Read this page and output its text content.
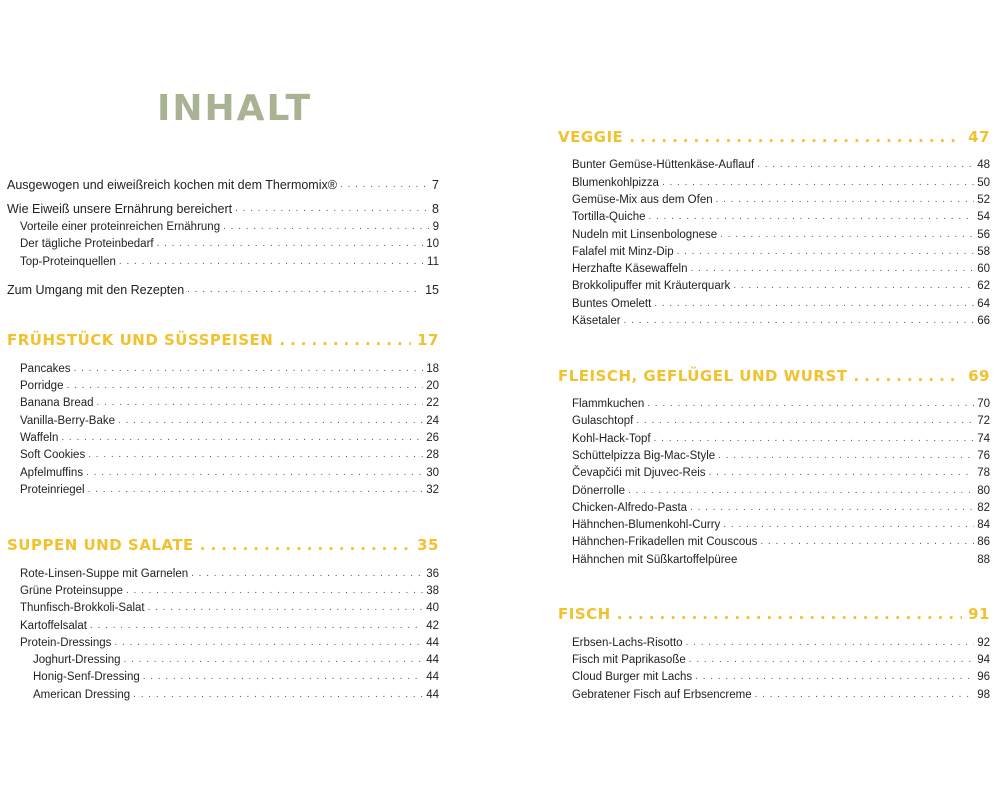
INHALT
Ausgewogen und eiweißreich kochen mit dem Thermomix® . . .	7
Wie Eiweiß unsere Ernährung bereichert . . .	8
Vorteile einer proteinreichen Ernährung . . .	9
Der tägliche Proteinbedarf . . .	10
Top-Proteinquellen . . .	11
Zum Umgang mit den Rezepten . . .	15
FRÜHSTÜCK UND SÜSSPEISEN .....	17
Pancakes . . .	18
Porridge . . .	20
Banana Bread . . .	22
Vanilla-Berry-Bake . . .	24
Waffeln . . .	26
Soft Cookies . . .	28
Apfelmuffins . . .	30
Proteinriegel . . .	32
SUPPEN UND SALATE .....	35
Rote-Linsen-Suppe mit Garnelen . . .	36
Grüne Proteinsuppe . . .	38
Thunfisch-Brokkoli-Salat . . .	40
Kartoffelsalat . . .	42
Protein-Dressings . . .	44
Joghurt-Dressing . . .	44
Honig-Senf-Dressing . . .	44
American Dressing . . .	44
VEGGIE .....	47
Bunter Gemüse-Hüttenkäse-Auflauf . . .	48
Blumenkohlpizza . . .	50
Gemüse-Mix aus dem Ofen . . .	52
Tortilla-Quiche . . .	54
Nudeln mit Linsenbolognese . . .	56
Falafel mit Minz-Dip . . .	58
Herzhafte Käsewaffeln . . .	60
Brokkolipuffer mit Kräuterquark . . .	62
Buntes Omelett . . .	64
Käsetaler . . .	66
FLEISCH, GEFLÜGEL UND WURST .....	69
Flammkuchen . . .	70
Gulaschtopf . . .	72
Kohl-Hack-Topf . . .	74
Schüttelpizza Big-Mac-Style . . .	76
Čevapčići mit Djuvec-Reis . . .	78
Dönerrolle . . .	80
Chicken-Alfredo-Pasta . . .	82
Hähnchen-Blumenkohl-Curry . . .	84
Hähnchen-Frikadellen mit Couscous . . .	86
Hähnchen mit Süßkartoffelpüree	88
FISCH .....	91
Erbsen-Lachs-Risotto . . .	92
Fisch mit Paprikasoße . . .	94
Cloud Burger mit Lachs . . .	96
Gebratener Fisch auf Erbsencreme . . .	98
